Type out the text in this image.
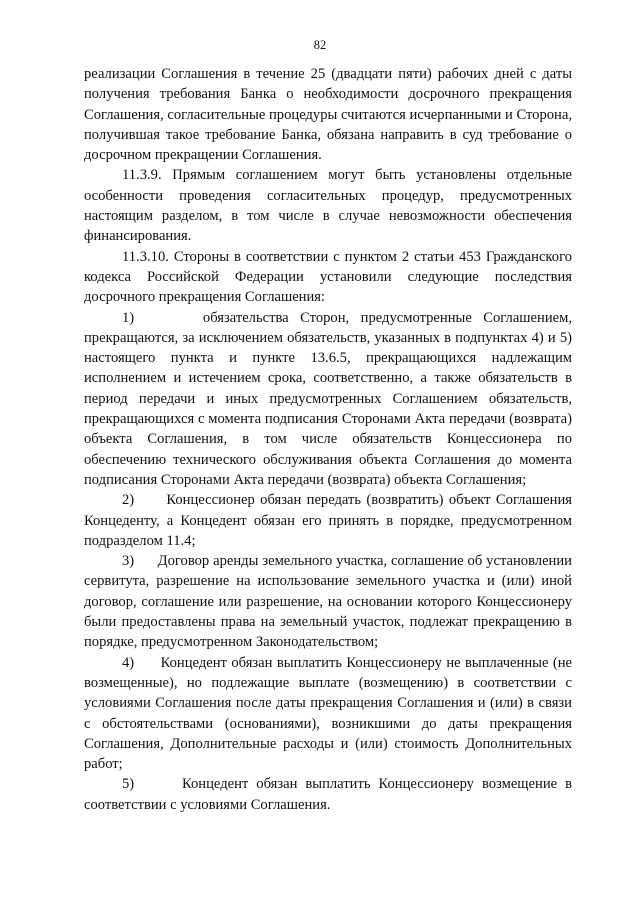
82

реализации Соглашения в течение 25 (двадцати пяти) рабочих дней с даты получения требования Банка о необходимости досрочного прекращения Соглашения, согласительные процедуры считаются исчерпанными и Сторона, получившая такое требование Банка, обязана направить в суд требование о досрочном прекращении Соглашения.

11.3.9. Прямым соглашением могут быть установлены отдельные особенности проведения согласительных процедур, предусмотренных настоящим разделом, в том числе в случае невозможности обеспечения финансирования.

11.3.10. Стороны в соответствии с пунктом 2 статьи 453 Гражданского кодекса Российской Федерации установили следующие последствия досрочного прекращения Соглашения:

1)      обязательства Сторон, предусмотренные Соглашением, прекращаются, за исключением обязательств, указанных в подпунктах 4) и 5) настоящего пункта и пункте 13.6.5, прекращающихся надлежащим исполнением и истечением срока, соответственно, а также обязательств в период передачи и иных предусмотренных Соглашением обязательств, прекращающихся с момента подписания Сторонами Акта передачи (возврата) объекта Соглашения, в том числе обязательств Концессионера по обеспечению технического обслуживания объекта Соглашения до момента подписания Сторонами Акта передачи (возврата) объекта Соглашения;

2)      Концессионер обязан передать (возвратить) объект Соглашения Концеденту, а Концедент обязан его принять в порядке, предусмотренном подразделом 11.4;

3)      Договор аренды земельного участка, соглашение об установлении сервитута, разрешение на использование земельного участка и (или) иной договор, соглашение или разрешение, на основании которого Концессионеру были предоставлены права на земельный участок, подлежат прекращению в порядке, предусмотренном Законодательством;

4)      Концедент обязан выплатить Концессионеру не выплаченные (не возмещенные), но подлежащие выплате (возмещению) в соответствии с условиями Соглашения после даты прекращения Соглашения и (или) в связи с обстоятельствами (основаниями), возникшими до даты прекращения Соглашения, Дополнительные расходы и (или) стоимость Дополнительных работ;

5)      Концедент обязан выплатить Концессионеру возмещение в соответствии с условиями Соглашения.
